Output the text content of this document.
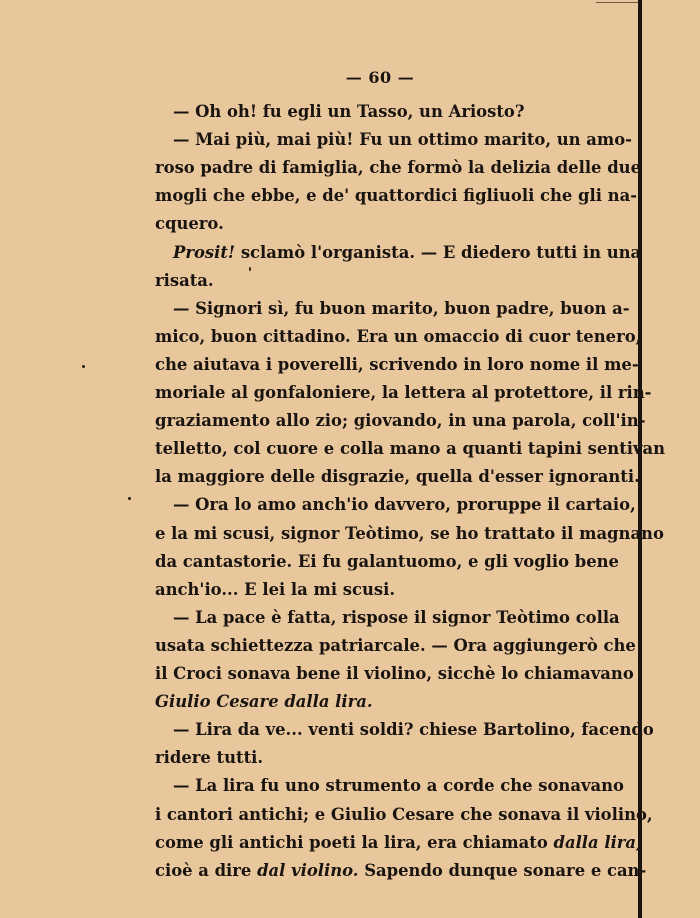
— 60 —
— Oh oh! fu egli un Tasso, un Ariosto?
— Mai più, mai più! Fu un ottimo marito, un amo-
roso padre di famiglia, che formò la delizia delle due
mogli che ebbe, e de' quattordici figliuoli che gli na-
cquero.
Prosit! sclamò l'organista. — E diedero tutti in una
risata.
— Signori sì, fu buon marito, buon padre, buon a-
mico, buon cittadino. Era un omaccio di cuor tenero,
che aiutava i poverelli, scrivendo in loro nome il me-
moriale al gonfaloniere, la lettera al protettore, il rin-
graziamento allo zio; giovando, in una parola, coll'in-
telletto, col cuore e colla mano a quanti tapini sentivan
la maggiore delle disgrazie, quella d'esser ignoranti.
— Ora lo amo anch'io davvero, proruppe il cartaio,
e la mi scusi, signor Teòtimo, se ho trattato il magnano
da cantastorie. Ei fu galantuomo, e gli voglio bene
anch'io... E lei la mi scusi.
— La pace è fatta, rispose il signor Teòtimo colla
usata schiettezza patriarcale. — Ora aggiungerò che
il Croci sonava bene il violino, sicchè lo chiamavano
Giulio Cesare dalla lira.
— Lira da ve... venti soldi? chiese Bartolino, facendo
ridere tutti.
— La lira fu uno strumento a corde che sonavano
i cantori antichi; e Giulio Cesare che sonava il violino,
come gli antichi poeti la lira, era chiamato dalla lira,
cioè a dire dal violino. Sapendo dunque sonare e can-
